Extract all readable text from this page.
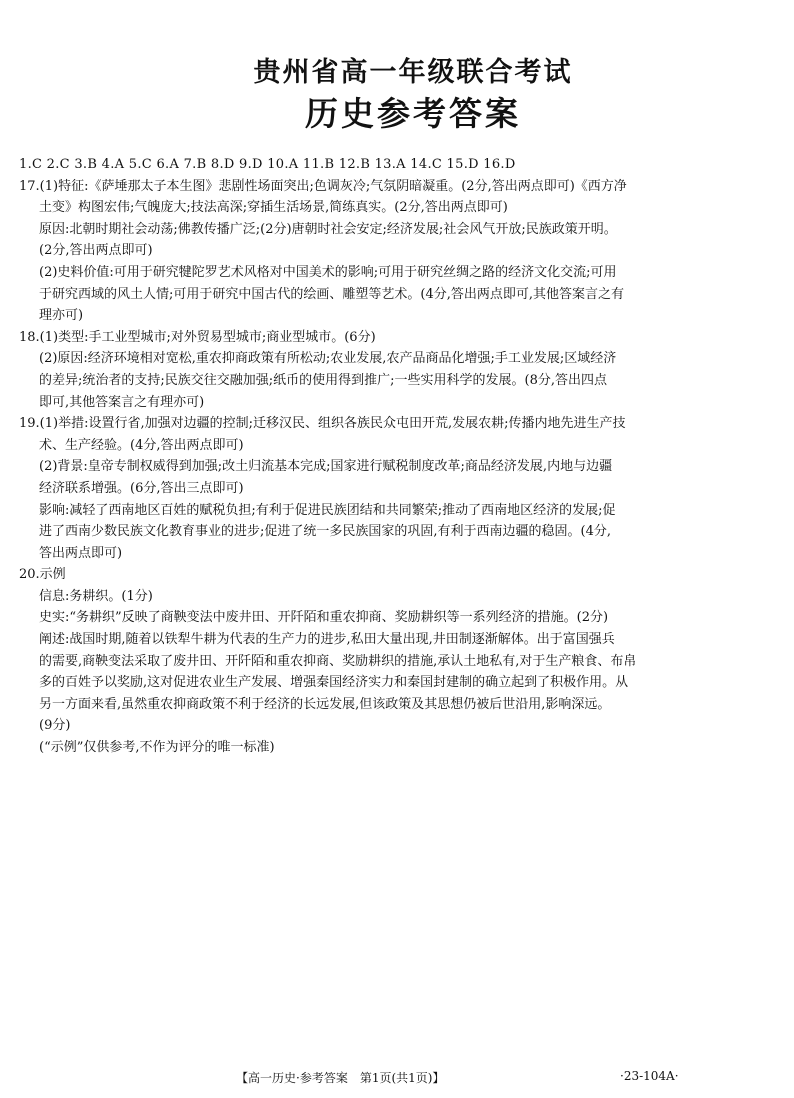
贵州省高一年级联合考试
历史参考答案
1.C 2.C 3.B 4.A 5.C 6.A 7.B 8.D 9.D 10.A 11.B 12.B 13.A 14.C 15.D 16.D
17.(1)特征:《萨埵那太子本生图》悲剧性场面突出;色调灰冷;气氛阴暗凝重。(2分,答出两点即可)《西方净
土变》构图宏伟;气魄庞大;技法高深;穿插生活场景,简练真实。(2分,答出两点即可)
原因:北朝时期社会动荡;佛教传播广泛;(2分)唐朝时社会安定;经济发展;社会风气开放;民族政策开明。
(2分,答出两点即可)
(2)史料价值:可用于研究犍陀罗艺术风格对中国美术的影响;可用于研究丝绸之路的经济文化交流;可用
于研究西域的风土人情;可用于研究中国古代的绘画、雕塑等艺术。(4分,答出两点即可,其他答案言之有
理亦可)
18.(1)类型:手工业型城市;对外贸易型城市;商业型城市。(6分)
(2)原因:经济环境相对宽松,重农抑商政策有所松动;农业发展,农产品商品化增强;手工业发展;区域经济
的差异;统治者的支持;民族交往交融加强;纸币的使用得到推广;一些实用科学的发展。(8分,答出四点
即可,其他答案言之有理亦可)
19.(1)举措:设置行省,加强对边疆的控制;迁移汉民、组织各族民众屯田开荒,发展农耕;传播内地先进生产技
术、生产经验。(4分,答出两点即可)
(2)背景:皇帝专制权威得到加强;改土归流基本完成;国家进行赋税制度改革;商品经济发展,内地与边疆
经济联系增强。(6分,答出三点即可)
影响:减轻了西南地区百姓的赋税负担;有利于促进民族团结和共同繁荣;推动了西南地区经济的发展;促
进了西南少数民族文化教育事业的进步;促进了统一多民族国家的巩固,有利于西南边疆的稳固。(4分,
答出两点即可)
20.示例
信息:务耕织。(1分)
史实:“务耕织”反映了商鞅变法中废井田、开阡陌和重农抑商、奖励耕织等一系列经济的措施。(2分)
阐述:战国时期,随着以铁犁牛耕为代表的生产力的进步,私田大量出现,井田制逐渐解体。出于富国强兵
的需要,商鞅变法采取了废井田、开阡陌和重农抑商、奖励耕织的措施,承认土地私有,对于生产粮食、布帛
多的百姓予以奖励,这对促进农业生产发展、增强秦国经济实力和秦国封建制的确立起到了积极作用。从
另一方面来看,虽然重农抑商政策不利于经济的长远发展,但该政策及其思想仍被后世沿用,影响深远。
(9分)
(“示例”仅供参考,不作为评分的唯一标准)
【高一历史·参考答案　第1页(共1页)】	·23-104A·
